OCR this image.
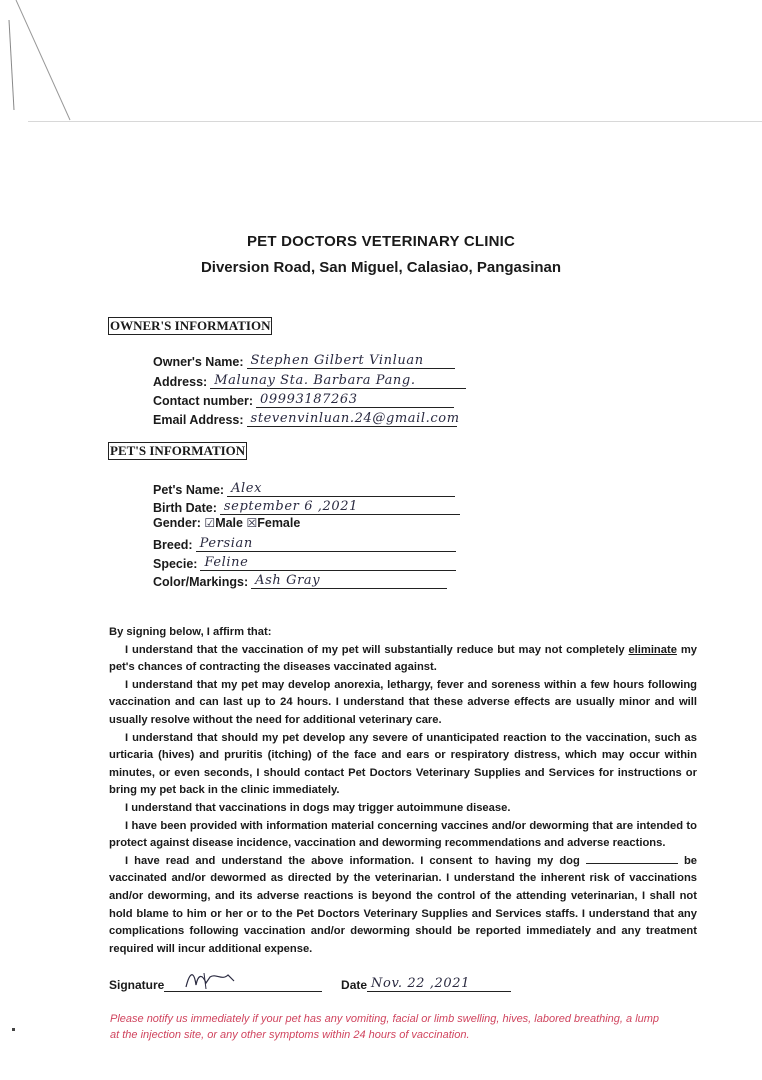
PET DOCTORS VETERINARY CLINIC
Diversion Road, San Miguel, Calasiao, Pangasinan
OWNER'S INFORMATION
Owner's Name: Stephen Gilbert Vinluan
Address: Malunay Sta. Barbara Pang.
Contact number: 09993187263
Email Address: stevenvinluan.24@gmail.com
PET'S INFORMATION
Pet's Name: Alex
Birth Date: september 6 ,2021
Gender: ☑Male ☒Female
Breed: Persian
Specie: Feline
Color/Markings: Ash Gray

By signing below, I affirm that:

I understand that the vaccination of my pet will substantially reduce but may not completely eliminate my pet's chances of contracting the diseases vaccinated against.

I understand that my pet may develop anorexia, lethargy, fever and soreness within a few hours following vaccination and can last up to 24 hours. I understand that these adverse effects are usually minor and will usually resolve without the need for additional veterinary care.

I understand that should my pet develop any severe of unanticipated reaction to the vaccination, such as urticaria (hives) and pruritis (itching) of the face and ears or respiratory distress, which may occur within minutes, or even seconds, I should contact Pet Doctors Veterinary Supplies and Services for instructions or bring my pet back in the clinic immediately.

I understand that vaccinations in dogs may trigger autoimmune disease.

I have been provided with information material concerning vaccines and/or deworming that are intended to protect against disease incidence, vaccination and deworming recommendations and adverse reactions.

I have read and understand the above information. I consent to having my dog	be vaccinated and/or dewormed as directed by the veterinarian. I understand the inherent risk of vaccinations and/or deworming, and its adverse reactions is beyond the control of the attending veterinarian, I shall not hold blame to him or her or to the Pet Doctors Veterinary Supplies and Services staffs. I understand that any complications following vaccination and/or deworming should be reported immediately and any treatment required will incur additional expense.

Signature	Date Nov. 22 ,2021
Please notify us immediately if your pet has any vomiting, facial or limb swelling, hives, labored breathing, a lump at the injection site, or any other symptoms within 24 hours of vaccination.
